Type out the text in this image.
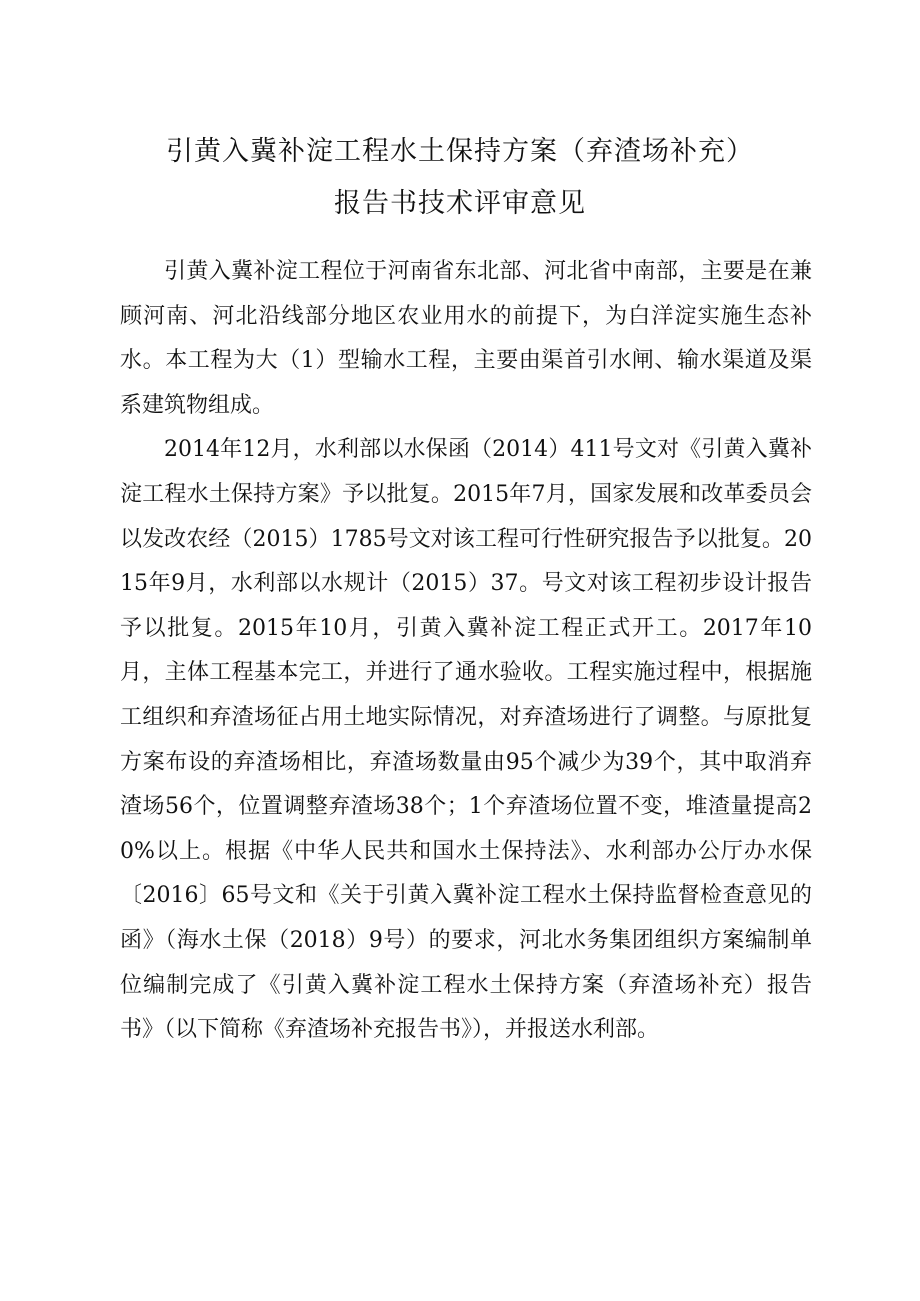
引黄入冀补淀工程水土保持方案（弃渣场补充）
报告书技术评审意见

引黄入冀补淀工程位于河南省东北部、河北省中南部，主要是在兼顾河南、河北沿线部分地区农业用水的前提下，为白洋淀实施生态补水。本工程为大（1）型输水工程，主要由渠首引水闸、输水渠道及渠系建筑物组成。

2014年12月，水利部以水保函（2014）411号文对《引黄入冀补淀工程水土保持方案》予以批复。2015年7月，国家发展和改革委员会以发改农经（2015）1785号文对该工程可行性研究报告予以批复。2015年9月，水利部以水规计（2015）37。号文对该工程初步设计报告予以批复。2015年10月，引黄入冀补淀工程正式开工。2017年10月，主体工程基本完工，并进行了通水验收。工程实施过程中，根据施工组织和弃渣场征占用土地实际情况，对弃渣场进行了调整。与原批复方案布设的弃渣场相比，弃渣场数量由95个减少为39个，其中取消弃渣场56个，位置调整弃渣场38个；1个弃渣场位置不变，堆渣量提高20%以上。根据《中华人民共和国水土保持法》、水利部办公厅办水保〔2016〕65号文和《关于引黄入冀补淀工程水土保持监督检查意见的函》（海水土保（2018）9号）的要求，河北水务集团组织方案编制单位编制完成了《引黄入冀补淀工程水土保持方案（弃渣场补充）报告书》（以下简称《弃渣场补充报告书》），并报送水利部。
